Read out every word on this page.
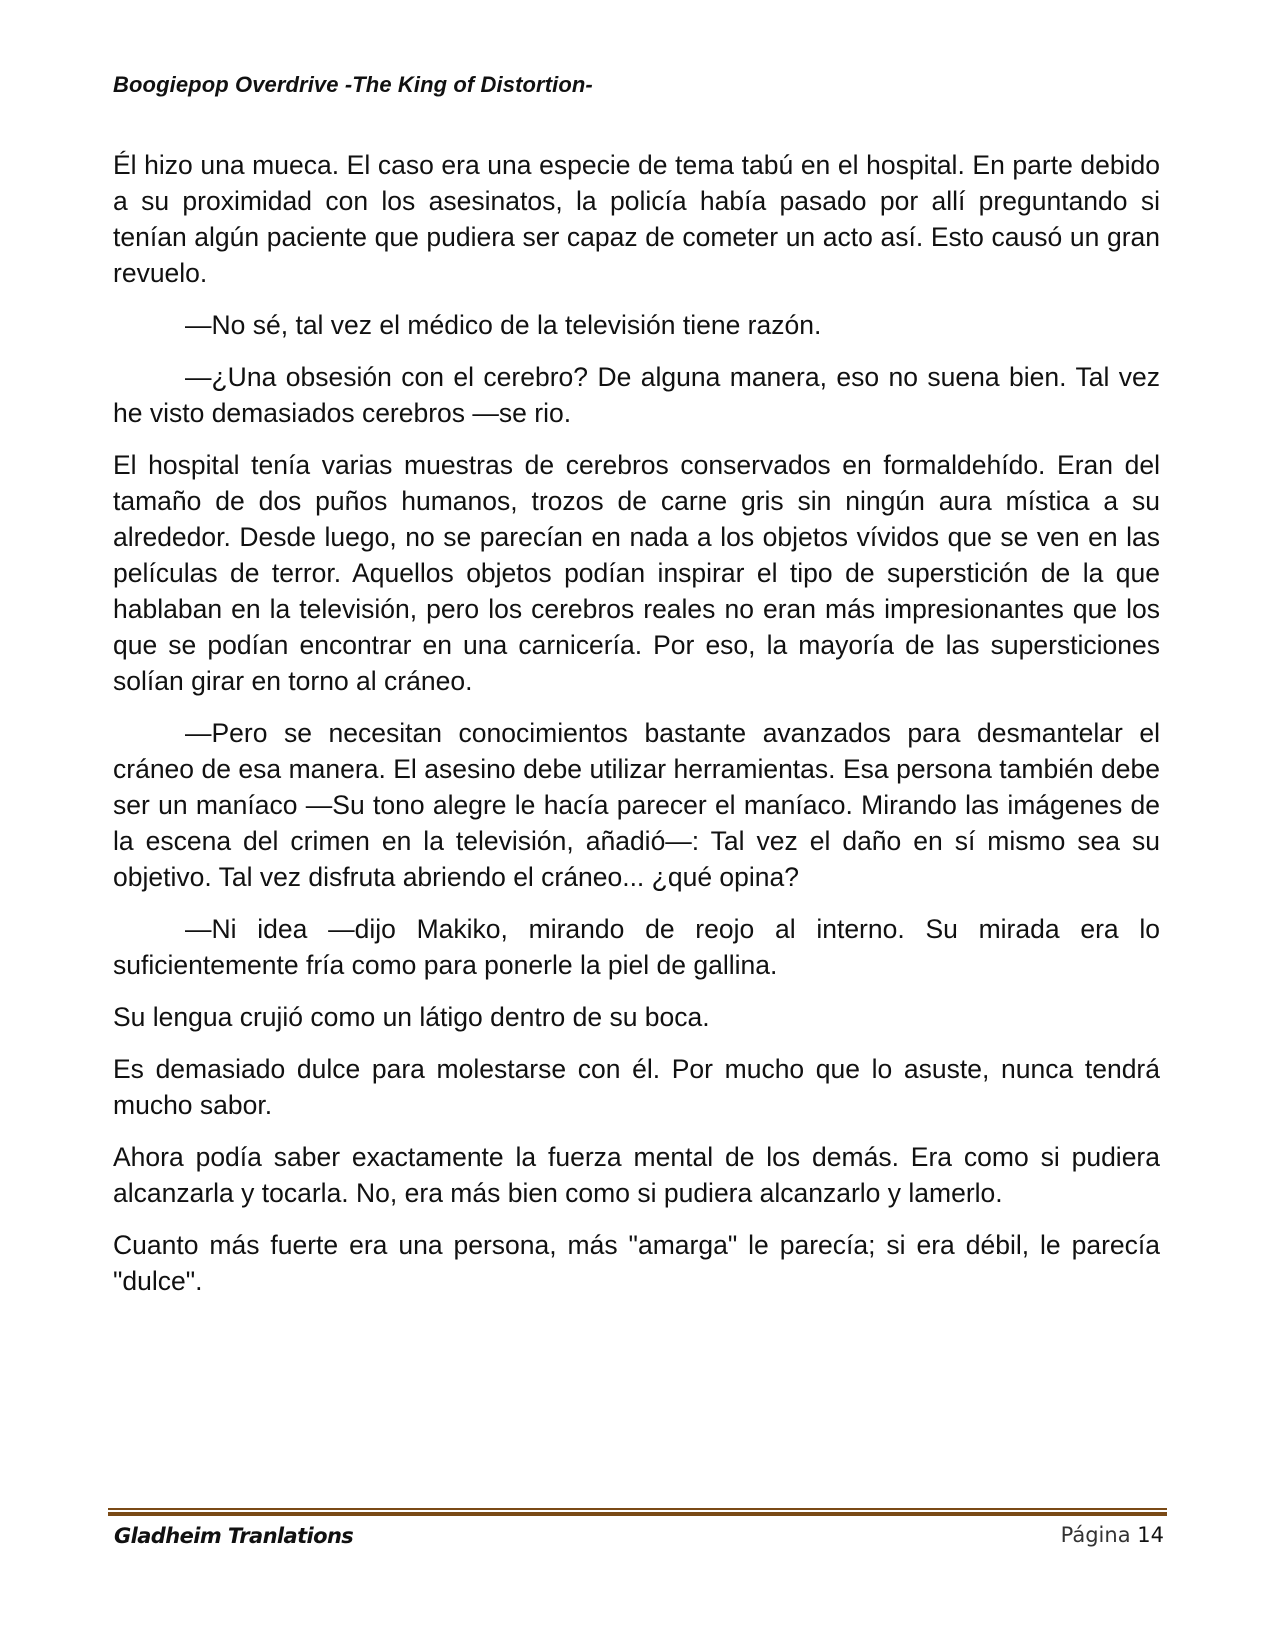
Boogiepop Overdrive -The King of Distortion-

Él hizo una mueca. El caso era una especie de tema tabú en el hospital. En parte debido a su proximidad con los asesinatos, la policía había pasado por allí preguntando si tenían algún paciente que pudiera ser capaz de cometer un acto así. Esto causó un gran revuelo.

—No sé, tal vez el médico de la televisión tiene razón.

—¿Una obsesión con el cerebro? De alguna manera, eso no suena bien. Tal vez he visto demasiados cerebros —se rio.

El hospital tenía varias muestras de cerebros conservados en formaldehído. Eran del tamaño de dos puños humanos, trozos de carne gris sin ningún aura mística a su alrededor. Desde luego, no se parecían en nada a los objetos vívidos que se ven en las películas de terror. Aquellos objetos podían inspirar el tipo de superstición de la que hablaban en la televisión, pero los cerebros reales no eran más impresionantes que los que se podían encontrar en una carnicería. Por eso, la mayoría de las supersticiones solían girar en torno al cráneo.

—Pero se necesitan conocimientos bastante avanzados para desmantelar el cráneo de esa manera. El asesino debe utilizar herramientas. Esa persona también debe ser un maníaco —Su tono alegre le hacía parecer el maníaco. Mirando las imágenes de la escena del crimen en la televisión, añadió—: Tal vez el daño en sí mismo sea su objetivo. Tal vez disfruta abriendo el cráneo... ¿qué opina?

—Ni idea —dijo Makiko, mirando de reojo al interno. Su mirada era lo suficientemente fría como para ponerle la piel de gallina.

Su lengua crujió como un látigo dentro de su boca.

Es demasiado dulce para molestarse con él. Por mucho que lo asuste, nunca tendrá mucho sabor.

Ahora podía saber exactamente la fuerza mental de los demás. Era como si pudiera alcanzarla y tocarla. No, era más bien como si pudiera alcanzarlo y lamerlo.

Cuanto más fuerte era una persona, más "amarga" le parecía; si era débil, le parecía "dulce".

Gladheim Tranlations	Página 14
